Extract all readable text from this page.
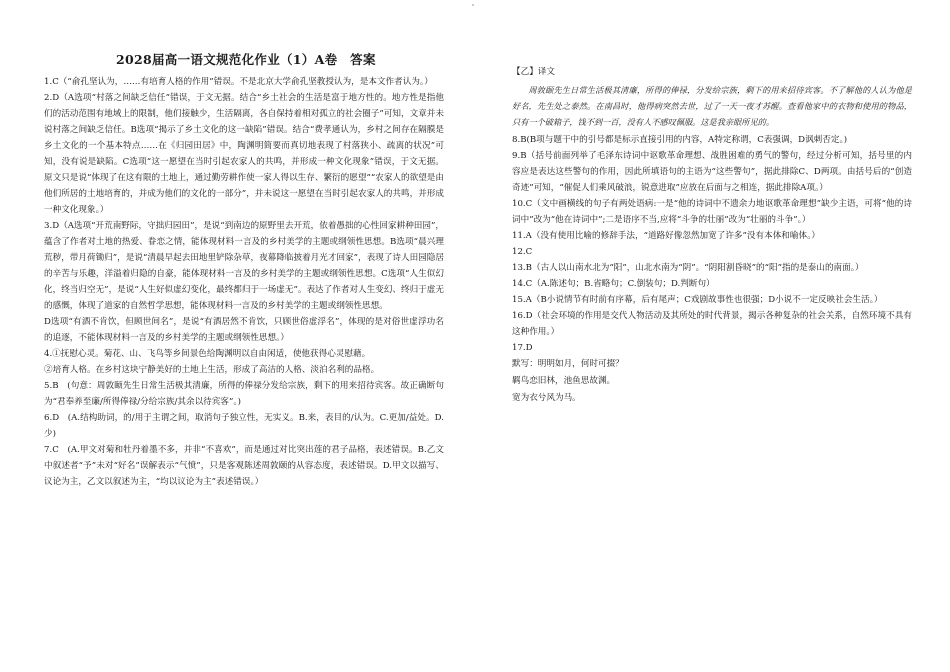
2028届高一语文规范化作业（1）A卷　答案

1.C（“俞孔坚认为，……有培育人格的作用”错误。不是北京大学俞孔坚教授认为，是本文作者认为。）

2.D（A选项“村落之间缺乏信任”错误，于文无据。结合“乡土社会的生活是富于地方性的。地方性是指他们的活动范围有地域上的限制，他们接触少，生活隔离，各自保持着相对孤立的社会圈子”可知，文章并未说村落之间缺乏信任。B选项“揭示了乡土文化的这一缺陷”错误。结合“费孝通认为，乡村之间存在隔膜是乡土文化的一个基本特点……在《归园田居》中，陶渊明简要而真切地表现了村落狭小、疏离的状况”可知，没有说是缺陷。C选项“这一愿望在当时引起农家人的共鸣，并形成一种文化现象”错误，于文无据。原文只是说“体现了在这有限的土地上，通过勤劳耕作使一家人得以生存、繁衍的愿望”“农家人的欲望是由他们所居的土地培育的，并成为他们的文化的一部分”，并未说这一愿望在当时引起农家人的共鸣，并形成一种文化现象。）

3.D（A选项“开荒南野际，守拙归园田”，是说“到南边的原野里去开荒，依着愚拙的心性回家耕种田园”，蕴含了作者对土地的热爱、眷恋之情，能体现材料一言及的乡村美学的主题或纲领性思想。B选项“晨兴理荒秽，带月荷锄归”，是说“清晨早起去田地里铲除杂草，夜幕降临披着月光才回家”，表现了诗人田园隐居的辛苦与乐趣，洋溢着归隐的自豪，能体现材料一言及的乡村美学的主题或纲领性思想。C选项“人生似幻化，终当归空无”，是说“人生好似虚幻变化，最终都归于一场虚无”。表达了作者对人生变幻、终归于虚无的感慨，体现了道家的自然哲学思想，能体现材料一言及的乡村美学的主题或纲领性思想。

D选项“有酒不肯饮，但顾世间名”，是说“有酒居然不肯饮，只顾世俗虚浮名”，体现的是对俗世虚浮功名的追逐，不能体现材料一言及的乡村美学的主题或纲领性思想。）

4.①抚慰心灵。菊花、山、飞鸟等乡间景色给陶渊明以自由闲适，使他获得心灵慰藉。

②培育人格。在乡村这块宁静美好的土地上生活，形成了高洁的人格、淡泊名利的品格。

5.B　(句意：周敦颐先生日常生活极其清廉，所得的俸禄分发给宗族，剩下的用来招待宾客。故正确断句为“君奉养至廉/所得俸禄/分给宗族/其余以待宾客”。)

6.D　(A.结构助词，的/用于主谓之间，取消句子独立性，无实义。B.来，表目的/认为。C.更加/益处。D.少)

7.C　(A.甲文对菊和牡丹着墨不多，并非“不喜欢”，而是通过对比突出莲的君子品格，表述错误。B.乙文中叙述者“予”未对“好名”误解表示“气愤”，只是客观陈述周敦颐的从容态度，表述错误。D.甲文以描写、议论为主，乙文以叙述为主，“均以议论为主”表述错误。）

【乙】译文

周敦颐先生日常生活极其清廉，所得的俸禄，分发给宗族，剩下的用来招待宾客。不了解他的人认为他是好名，先生处之泰然。在南昌时，他得病突然去世，过了一天一夜才苏醒。查看他家中的衣物和使用的物品，只有一个破箱子，钱不到一百，没有人不感叹佩服。这是我亲眼所见的。

8.B(B项与题干中的引号都是标示直接引用的内容，A特定称谓，C表强调，D讽刺否定。)

9.B（括号前面列举了毛泽东诗词中讴歌革命理想、战胜困难的勇气的警句，经过分析可知，括号里的内容应是表达这些警句的作用，因此所填语句的主语为“这些警句”，据此排除C、D两项。由括号后的“创造奇迹”可知，“催促人们乘风破浪，锐意进取”应放在后面与之相连，据此排除A项。）

10.C（文中画横线的句子有两处语病:一是“他的诗词中不遗余力地讴歌革命理想”缺少主语，可将“他的诗词中”改为“他在诗词中”;二是语序不当,应将“斗争的壮丽”改为“壮丽的斗争”。）

11.A（没有使用比喻的修辞手法，“道路好像忽然加宽了许多”没有本体和喻体。）

12.C

13.B（古人以山南水北为“阳”，山北水南为“阴”。“阴阳割昏晓”的“阳”指的是泰山的南面。）

14.C（A.陈述句；B.省略句；C.倒装句；D.判断句）

15.A（B小说情节有时前有序幕，后有尾声；C戏剧故事性也很强；D小说不一定反映社会生活。）

16.D（社会环境的作用是交代人物活动及其所处的时代背景，揭示各种复杂的社会关系，自然环境不具有这种作用。）

17.D

默写：明明如月，何时可掇？

羁鸟恋旧林，池鱼思故渊。

宽为衣兮风为马。
